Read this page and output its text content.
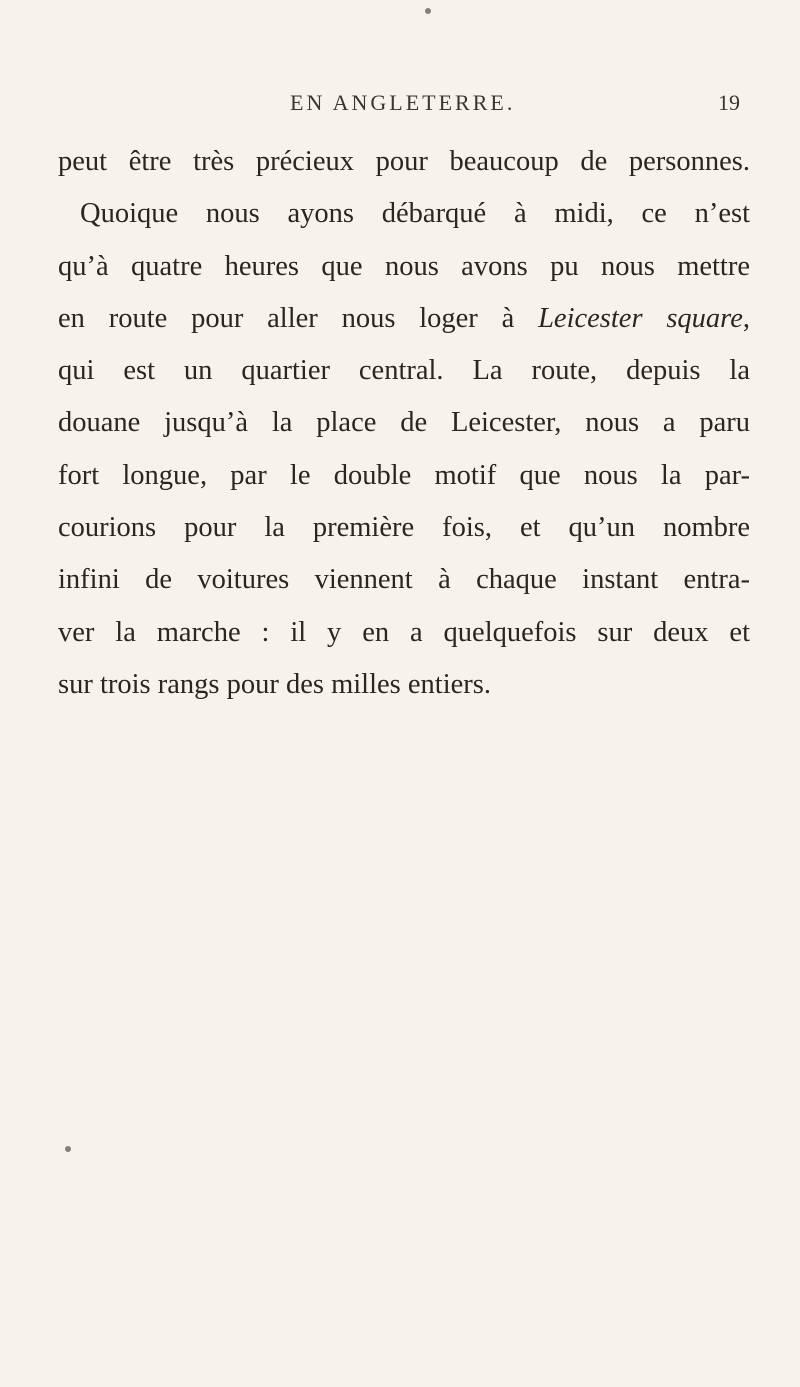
EN ANGLETERRE.	19
peut être très précieux pour beaucoup de personnes.
Quoique nous ayons débarqué à midi, ce n’est
qu’à quatre heures que nous avons pu nous mettre
en route pour aller nous loger à Leicester square,
qui est un quartier central. La route, depuis la
douane jusqu’à la place de Leicester, nous a paru
fort longue, par le double motif que nous la par-
courions pour la première fois, et qu’un nombre
infini de voitures viennent à chaque instant entra-
ver la marche : il y en a quelquefois sur deux et
sur trois rangs pour des milles entiers.
